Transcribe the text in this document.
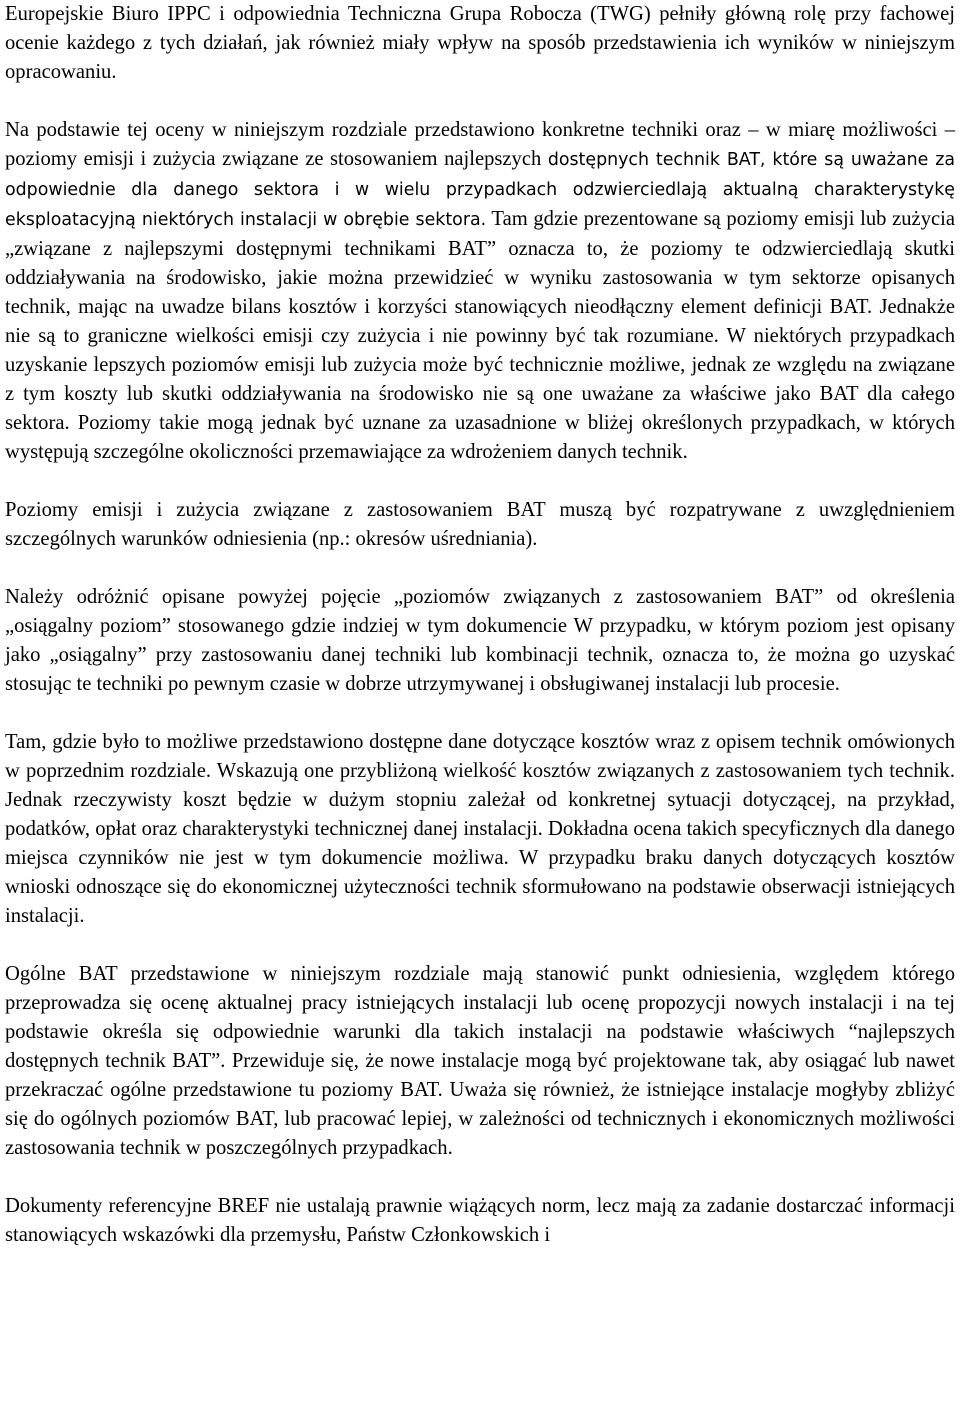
Europejskie Biuro IPPC i odpowiednia Techniczna Grupa Robocza (TWG) pełniły główną rolę przy fachowej ocenie każdego z tych działań, jak również miały wpływ na sposób przedstawienia ich wyników w niniejszym opracowaniu.

Na podstawie tej oceny w niniejszym rozdziale przedstawiono konkretne techniki oraz – w miarę możliwości – poziomy emisji i zużycia związane ze stosowaniem najlepszych dostępnych technik BAT, które są uważane za odpowiednie dla danego sektora i w wielu przypadkach odzwierciedlają aktualną charakterystykę eksploatacyjną niektórych instalacji w obrębie sektora. Tam gdzie prezentowane są poziomy emisji lub zużycia „związane z najlepszymi dostępnymi technikami BAT” oznacza to, że poziomy te odzwierciedlają skutki oddziaływania na środowisko, jakie można przewidzieć w wyniku zastosowania w tym sektorze opisanych technik, mając na uwadze bilans kosztów i korzyści stanowiących nieodłączny element definicji BAT. Jednakże nie są to graniczne wielkości emisji czy zużycia i nie powinny być tak rozumiane. W niektórych przypadkach uzyskanie lepszych poziomów emisji lub zużycia może być technicznie możliwe, jednak ze względu na związane z tym koszty lub skutki oddziaływania na środowisko nie są one uważane za właściwe jako BAT dla całego sektora. Poziomy takie mogą jednak być uznane za uzasadnione w bliżej określonych przypadkach, w których występują szczególne okoliczności przemawiające za wdrożeniem danych technik.

Poziomy emisji i zużycia związane z zastosowaniem BAT muszą być rozpatrywane z uwzględnieniem szczególnych warunków odniesienia (np.: okresów uśredniania).

Należy odróżnić opisane powyżej pojęcie „poziomów związanych z zastosowaniem BAT” od określenia „osiągalny poziom” stosowanego gdzie indziej w tym dokumencie W przypadku, w którym poziom jest opisany jako „osiągalny” przy zastosowaniu danej techniki lub kombinacji technik, oznacza to, że można go uzyskać stosując te techniki po pewnym czasie w dobrze utrzymywanej i obsługiwanej instalacji lub procesie.

Tam, gdzie było to możliwe przedstawiono dostępne dane dotyczące kosztów wraz z opisem technik omówionych w poprzednim rozdziale. Wskazują one przybliżoną wielkość kosztów związanych z zastosowaniem tych technik. Jednak rzeczywisty koszt będzie w dużym stopniu zależał od konkretnej sytuacji dotyczącej, na przykład, podatków, opłat oraz charakterystyki technicznej danej instalacji. Dokładna ocena takich specyficznych dla danego miejsca czynników nie jest w tym dokumencie możliwa. W przypadku braku danych dotyczących kosztów wnioski odnoszące się do ekonomicznej użyteczności technik sformułowano na podstawie obserwacji istniejących instalacji.

Ogólne BAT przedstawione w niniejszym rozdziale mają stanowić punkt odniesienia, względem którego przeprowadza się ocenę aktualnej pracy istniejących instalacji lub ocenę propozycji nowych instalacji i na tej podstawie określa się odpowiednie warunki dla takich instalacji na podstawie właściwych “najlepszych dostępnych technik BAT”. Przewiduje się, że nowe instalacje mogą być projektowane tak, aby osiągać lub nawet przekraczać ogólne przedstawione tu poziomy BAT. Uważa się również, że istniejące instalacje mogłyby zbliżyć się do ogólnych poziomów BAT, lub pracować lepiej, w zależności od technicznych i ekonomicznych możliwości zastosowania technik w poszczególnych przypadkach.

Dokumenty referencyjne BREF nie ustalają prawnie wiążących norm, lecz mają za zadanie dostarczać informacji stanowiących wskazówki dla przemysłu, Państw Członkowskich i
